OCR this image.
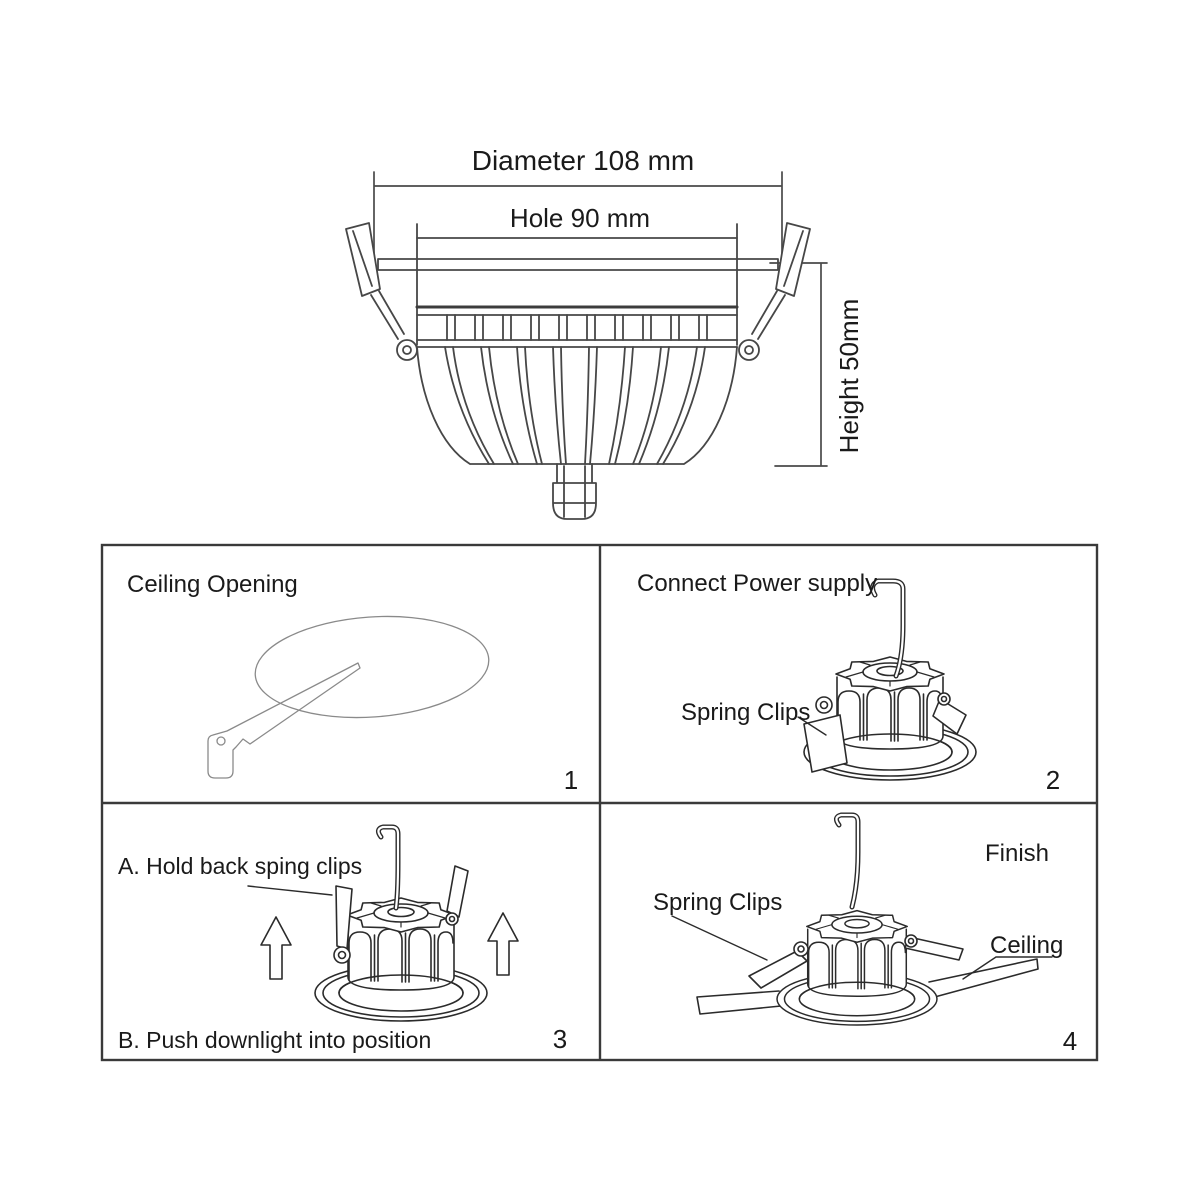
Diameter 108 mm
Hole 90 mm
Height 50mm
Ceiling Opening
1
Connect Power supply
Spring Clips
2
A. Hold back sping clips
B. Push downlight into position	3
Finish
Spring Clips
Ceiling
4
